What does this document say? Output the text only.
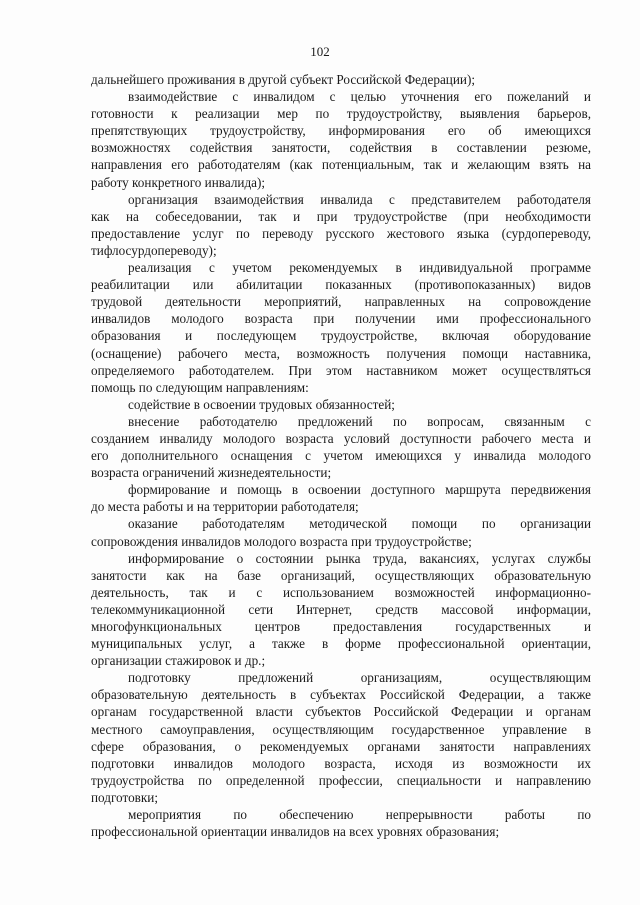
102
дальнейшего проживания в другой субъект Российской Федерации);
взаимодействие с инвалидом с целью уточнения его пожеланий и
готовности к реализации мер по трудоустройству, выявления барьеров,
препятствующих трудоустройству, информирования его об имеющихся
возможностях содействия занятости, содействия в составлении резюме,
направления его работодателям (как потенциальным, так и желающим взять на
работу конкретного инвалида);
организация взаимодействия инвалида с представителем работодателя
как на собеседовании, так и при трудоустройстве (при необходимости
предоставление услуг по переводу русского жестового языка (сурдопереводу,
тифлосурдопереводу);
реализация с учетом рекомендуемых в индивидуальной программе
реабилитации или абилитации показанных (противопоказанных) видов
трудовой деятельности мероприятий, направленных на сопровождение
инвалидов молодого возраста при получении ими профессионального
образования и последующем трудоустройстве, включая оборудование
(оснащение) рабочего места, возможность получения помощи наставника,
определяемого работодателем. При этом наставником может осуществляться
помощь по следующим направлениям:
содействие в освоении трудовых обязанностей;
внесение работодателю предложений по вопросам, связанным с
созданием инвалиду молодого возраста условий доступности рабочего места и
его дополнительного оснащения с учетом имеющихся у инвалида молодого
возраста ограничений жизнедеятельности;
формирование и помощь в освоении доступного маршрута передвижения
до места работы и на территории работодателя;
оказание работодателям методической помощи по организации
сопровождения инвалидов молодого возраста при трудоустройстве;
информирование о состоянии рынка труда, вакансиях, услугах службы
занятости как на базе организаций, осуществляющих образовательную
деятельность, так и с использованием возможностей информационно-
телекоммуникационной сети Интернет, средств массовой информации,
многофункциональных центров предоставления государственных и
муниципальных услуг, а также в форме профессиональной ориентации,
организации стажировок и др.;
подготовку предложений организациям, осуществляющим
образовательную деятельность в субъектах Российской Федерации, а также
органам государственной власти субъектов Российской Федерации и органам
местного самоуправления, осуществляющим государственное управление в
сфере образования, о рекомендуемых органами занятости направлениях
подготовки инвалидов молодого возраста, исходя из возможности их
трудоустройства по определенной профессии, специальности и направлению
подготовки;
мероприятия по обеспечению непрерывности работы по
профессиональной ориентации инвалидов на всех уровнях образования;
